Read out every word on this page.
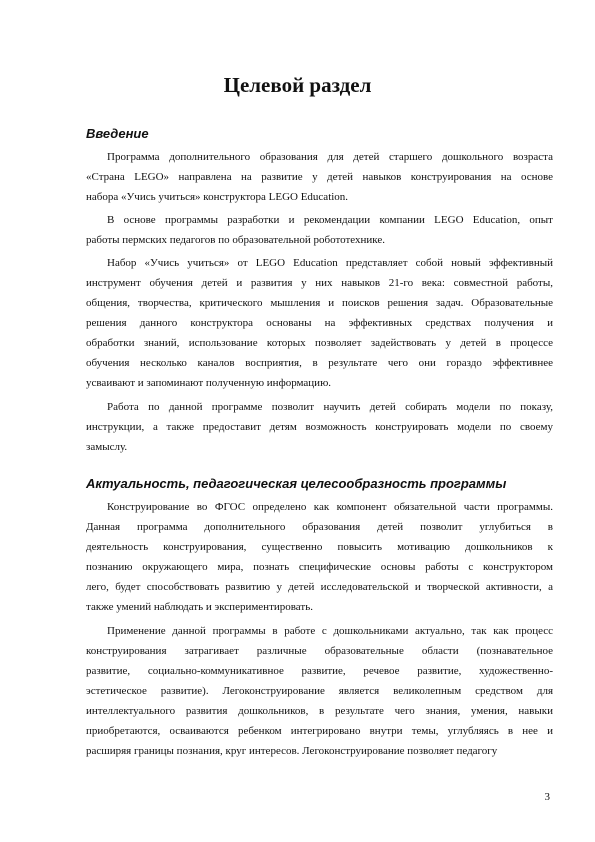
Целевой раздел
Введение
Программа дополнительного образования для детей старшего дошкольного возраста
«Страна LEGO» направлена на развитие у детей навыков конструирования на основе
набора «Учись учиться» конструктора LEGO Education.
В основе программы разработки и рекомендации компании LEGO Education, опыт
работы пермских педагогов по образовательной робототехнике.
Набор «Учись учиться» от LEGO Education представляет собой новый эффективный
инструмент обучения детей и развития у них навыков 21-го века: совместной работы,
общения, творчества, критического мышления и поисков решения задач. Образовательные
решения данного конструктора основаны на эффективных средствах получения и
обработки знаний, использование которых позволяет задействовать у детей в процессе
обучения несколько каналов восприятия, в результате чего они гораздо эффективнее
усваивают и запоминают полученную информацию.
Работа по данной программе позволит научить детей собирать модели по показу,
инструкции, а также предоставит детям возможность конструировать модели по своему
замыслу.
Актуальность, педагогическая целесообразность программы
Конструирование во ФГОС определено как компонент обязательной части программы.
Данная программа дополнительного образования детей позволит углубиться в
деятельность конструирования, существенно повысить мотивацию дошкольников к
познанию окружающего мира, познать специфические основы работы с конструктором
лего, будет способствовать развитию у детей исследовательской и творческой активности, а
также умений наблюдать и экспериментировать.
Применение данной программы в работе с дошкольниками актуально, так как процесс
конструирования затрагивает различные образовательные области (познавательное
развитие, социально-коммуникативное развитие, речевое развитие, художественно-
эстетическое развитие). Легоконструирование является великолепным средством для
интеллектуального развития дошкольников, в результате чего знания, умения, навыки
приобретаются, осваиваются ребенком интегрировано внутри темы, углубляясь в нее и
расширяя границы познания, круг интересов. Легоконструирование позволяет педагогу
3
